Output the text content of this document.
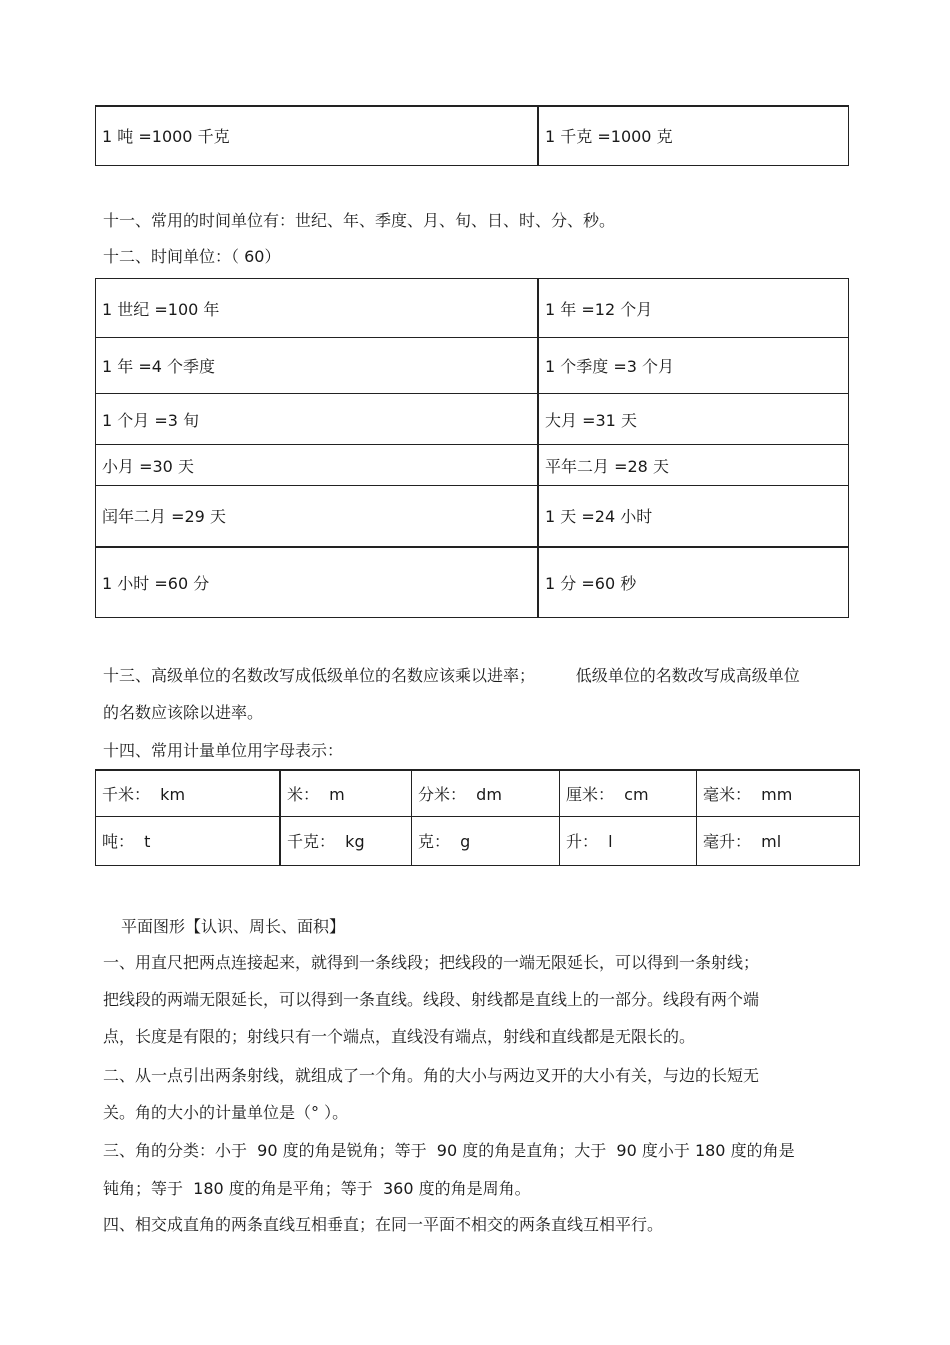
1 吨 =1000 千克	1 千克 =1000 克
十一、常用的时间单位有：世纪、年、季度、月、旬、日、时、分、秒。
十二、时间单位：（ 60）
1 世纪 =100 年	1 年 =12 个月
1 年 =4 个季度	1 个季度 =3 个月
1 个月 =3 旬	大月 =31 天
小月 =30 天	平年二月 =28 天
闰年二月 =29 天	1 天 =24 小时
1 小时 =60 分	1 分 =60 秒
十三、高级单位的名数改写成低级单位的名数应该乘以进率；        低级单位的名数改写成高级单位
的名数应该除以进率。
十四、常用计量单位用字母表示：
千米：  km	米：  m	分米：  dm	厘米：  cm	毫米：  mm
吨：  t	千克：  kg	克：  g	升：  l	毫升：  ml
平面图形【认识、周长、面积】
一、用直尺把两点连接起来，就得到一条线段；把线段的一端无限延长，可以得到一条射线；
把线段的两端无限延长，可以得到一条直线。线段、射线都是直线上的一部分。线段有两个端
点，长度是有限的；射线只有一个端点，直线没有端点，射线和直线都是无限长的。
二、从一点引出两条射线，就组成了一个角。角的大小与两边叉开的大小有关，与边的长短无
关。角的大小的计量单位是（° ）。
三、角的分类：小于  90 度的角是锐角；等于  90 度的角是直角；大于  90 度小于 180 度的角是
钝角；等于  180 度的角是平角；等于  360 度的角是周角。
四、相交成直角的两条直线互相垂直；在同一平面不相交的两条直线互相平行。
